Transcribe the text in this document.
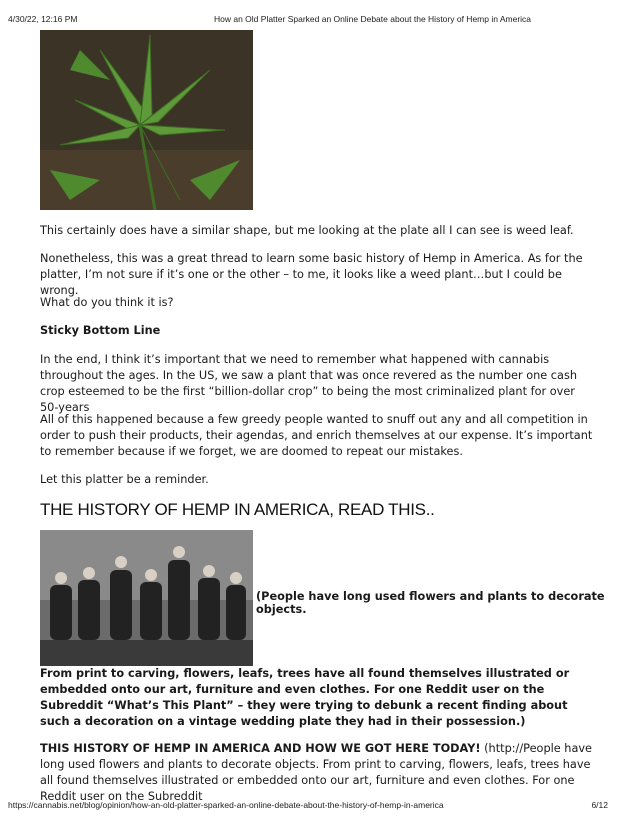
4/30/22, 12:16 PM	How an Old Platter Sparked an Online Debate about the History of Hemp in America
This certainly does have a similar shape, but me looking at the plate all I can see is weed leaf.
Nonetheless, this was a great thread to learn some basic history of Hemp in America. As for the platter, I’m not sure if it’s one or the other – to me, it looks like a weed plant…but I could be wrong.
What do you think it is?
Sticky Bottom Line
In the end, I think it’s important that we need to remember what happened with cannabis throughout the ages. In the US, we saw a plant that was once revered as the number one cash crop esteemed to be the first “billion-dollar crop” to being the most criminalized plant for over 50-years
All of this happened because a few greedy people wanted to snuff out any and all competition in order to push their products, their agendas, and enrich themselves at our expense. It’s important to remember because if we forget, we are doomed to repeat our mistakes.
Let this platter be a reminder.
THE HISTORY OF HEMP IN AMERICA, READ THIS..
(People have long used flowers and plants to decorate objects.
From print to carving, flowers, leafs, trees have all found themselves illustrated or embedded onto our art, furniture and even clothes. For one Reddit user on the Subreddit “What’s This Plant” – they were trying to debunk a recent finding about such a decoration on a vintage wedding plate they had in their possession.)
THIS HISTORY OF HEMP IN AMERICA AND HOW WE GOT HERE TODAY! (http://People have long used flowers and plants to decorate objects. From print to carving, flowers, leafs, trees have all found themselves illustrated or embedded onto our art, furniture and even clothes. For one Reddit user on the Subreddit
https://cannabis.net/blog/opinion/how-an-old-platter-sparked-an-online-debate-about-the-history-of-hemp-in-america	6/12
